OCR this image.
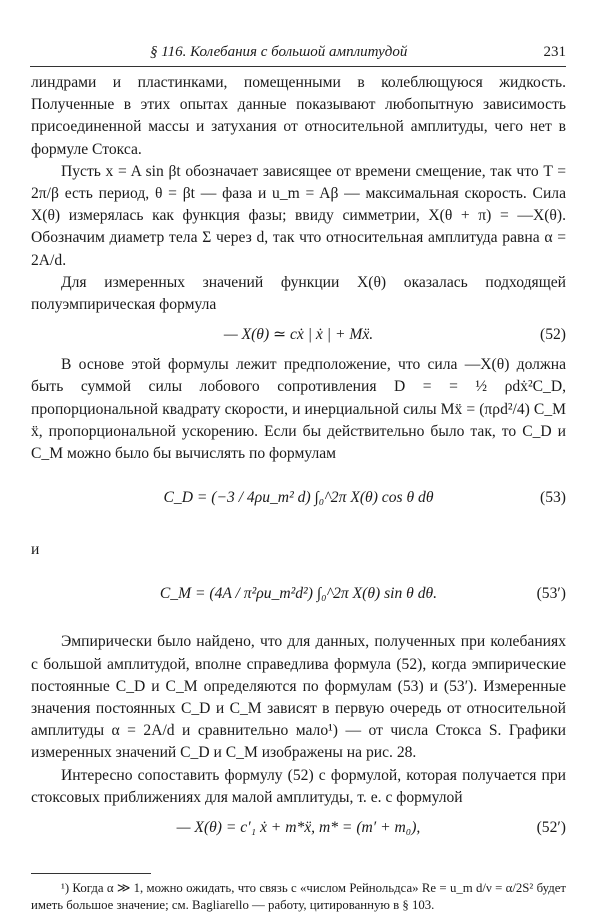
§ 116. Колебания с большой амплитудой	231

линдрами и пластинками, помещенными в колеблющуюся жидкость. Полученные в этих опытах данные показывают любопытную зависимость присоединенной массы и затухания от относительной амплитуды, чего нет в формуле Стокса.

Пусть x = A sin βt обозначает зависящее от времени смещение, так что T = 2π/β есть период, θ = βt — фаза и u_m = Aβ — максимальная скорость. Сила X(θ) измерялась как функция фазы; ввиду симметрии, X(θ + π) = —X(θ). Обозначим диаметр тела Σ через d, так что относительная амплитуда равна α = 2A/d.

Для измеренных значений функции X(θ) оказалась подходящей полуэмпирическая формула

— X(θ) ≃ cẋ | ẋ | + Mẍ.	(52)

В основе этой формулы лежит предположение, что сила —X(θ) должна быть суммой силы лобового сопротивления D = = ½ ρdẋ²C_D, пропорциональной квадрату скорости, и инерциальной силы Mẍ = (πρd²/4) C_M ẍ, пропорциональной ускорению. Если бы действительно было так, то C_D и C_M можно было бы вычислять по формулам

C_D = (−3 / 4ρu_m² d) ∫₀^2π X(θ) cos θ dθ	(53)

и

C_M = (4A / π²ρu_m²d²) ∫₀^2π X(θ) sin θ dθ.	(53′)

Эмпирически было найдено, что для данных, полученных при колебаниях с большой амплитудой, вполне справедлива формула (52), когда эмпирические постоянные C_D и C_M определяются по формулам (53) и (53′). Измеренные значения постоянных C_D и C_M зависят в первую очередь от относительной амплитуды α = 2A/d и сравнительно мало¹) — от числа Стокса S. Графики измеренных значений C_D и C_M изображены на рис. 28.

Интересно сопоставить формулу (52) с формулой, которая получается при стоксовых приближениях для малой амплитуды, т. е. с формулой

— X(θ) = c′₁ ẋ + m*ẍ, m* = (m′ + m₀),	(52′)

¹) Когда α ≫ 1, можно ожидать, что связь с «числом Рейнольдса» Re = u_m d/ν = α/2S² будет иметь большое значение; см. Bagliarello — работу, цитированную в § 103.
